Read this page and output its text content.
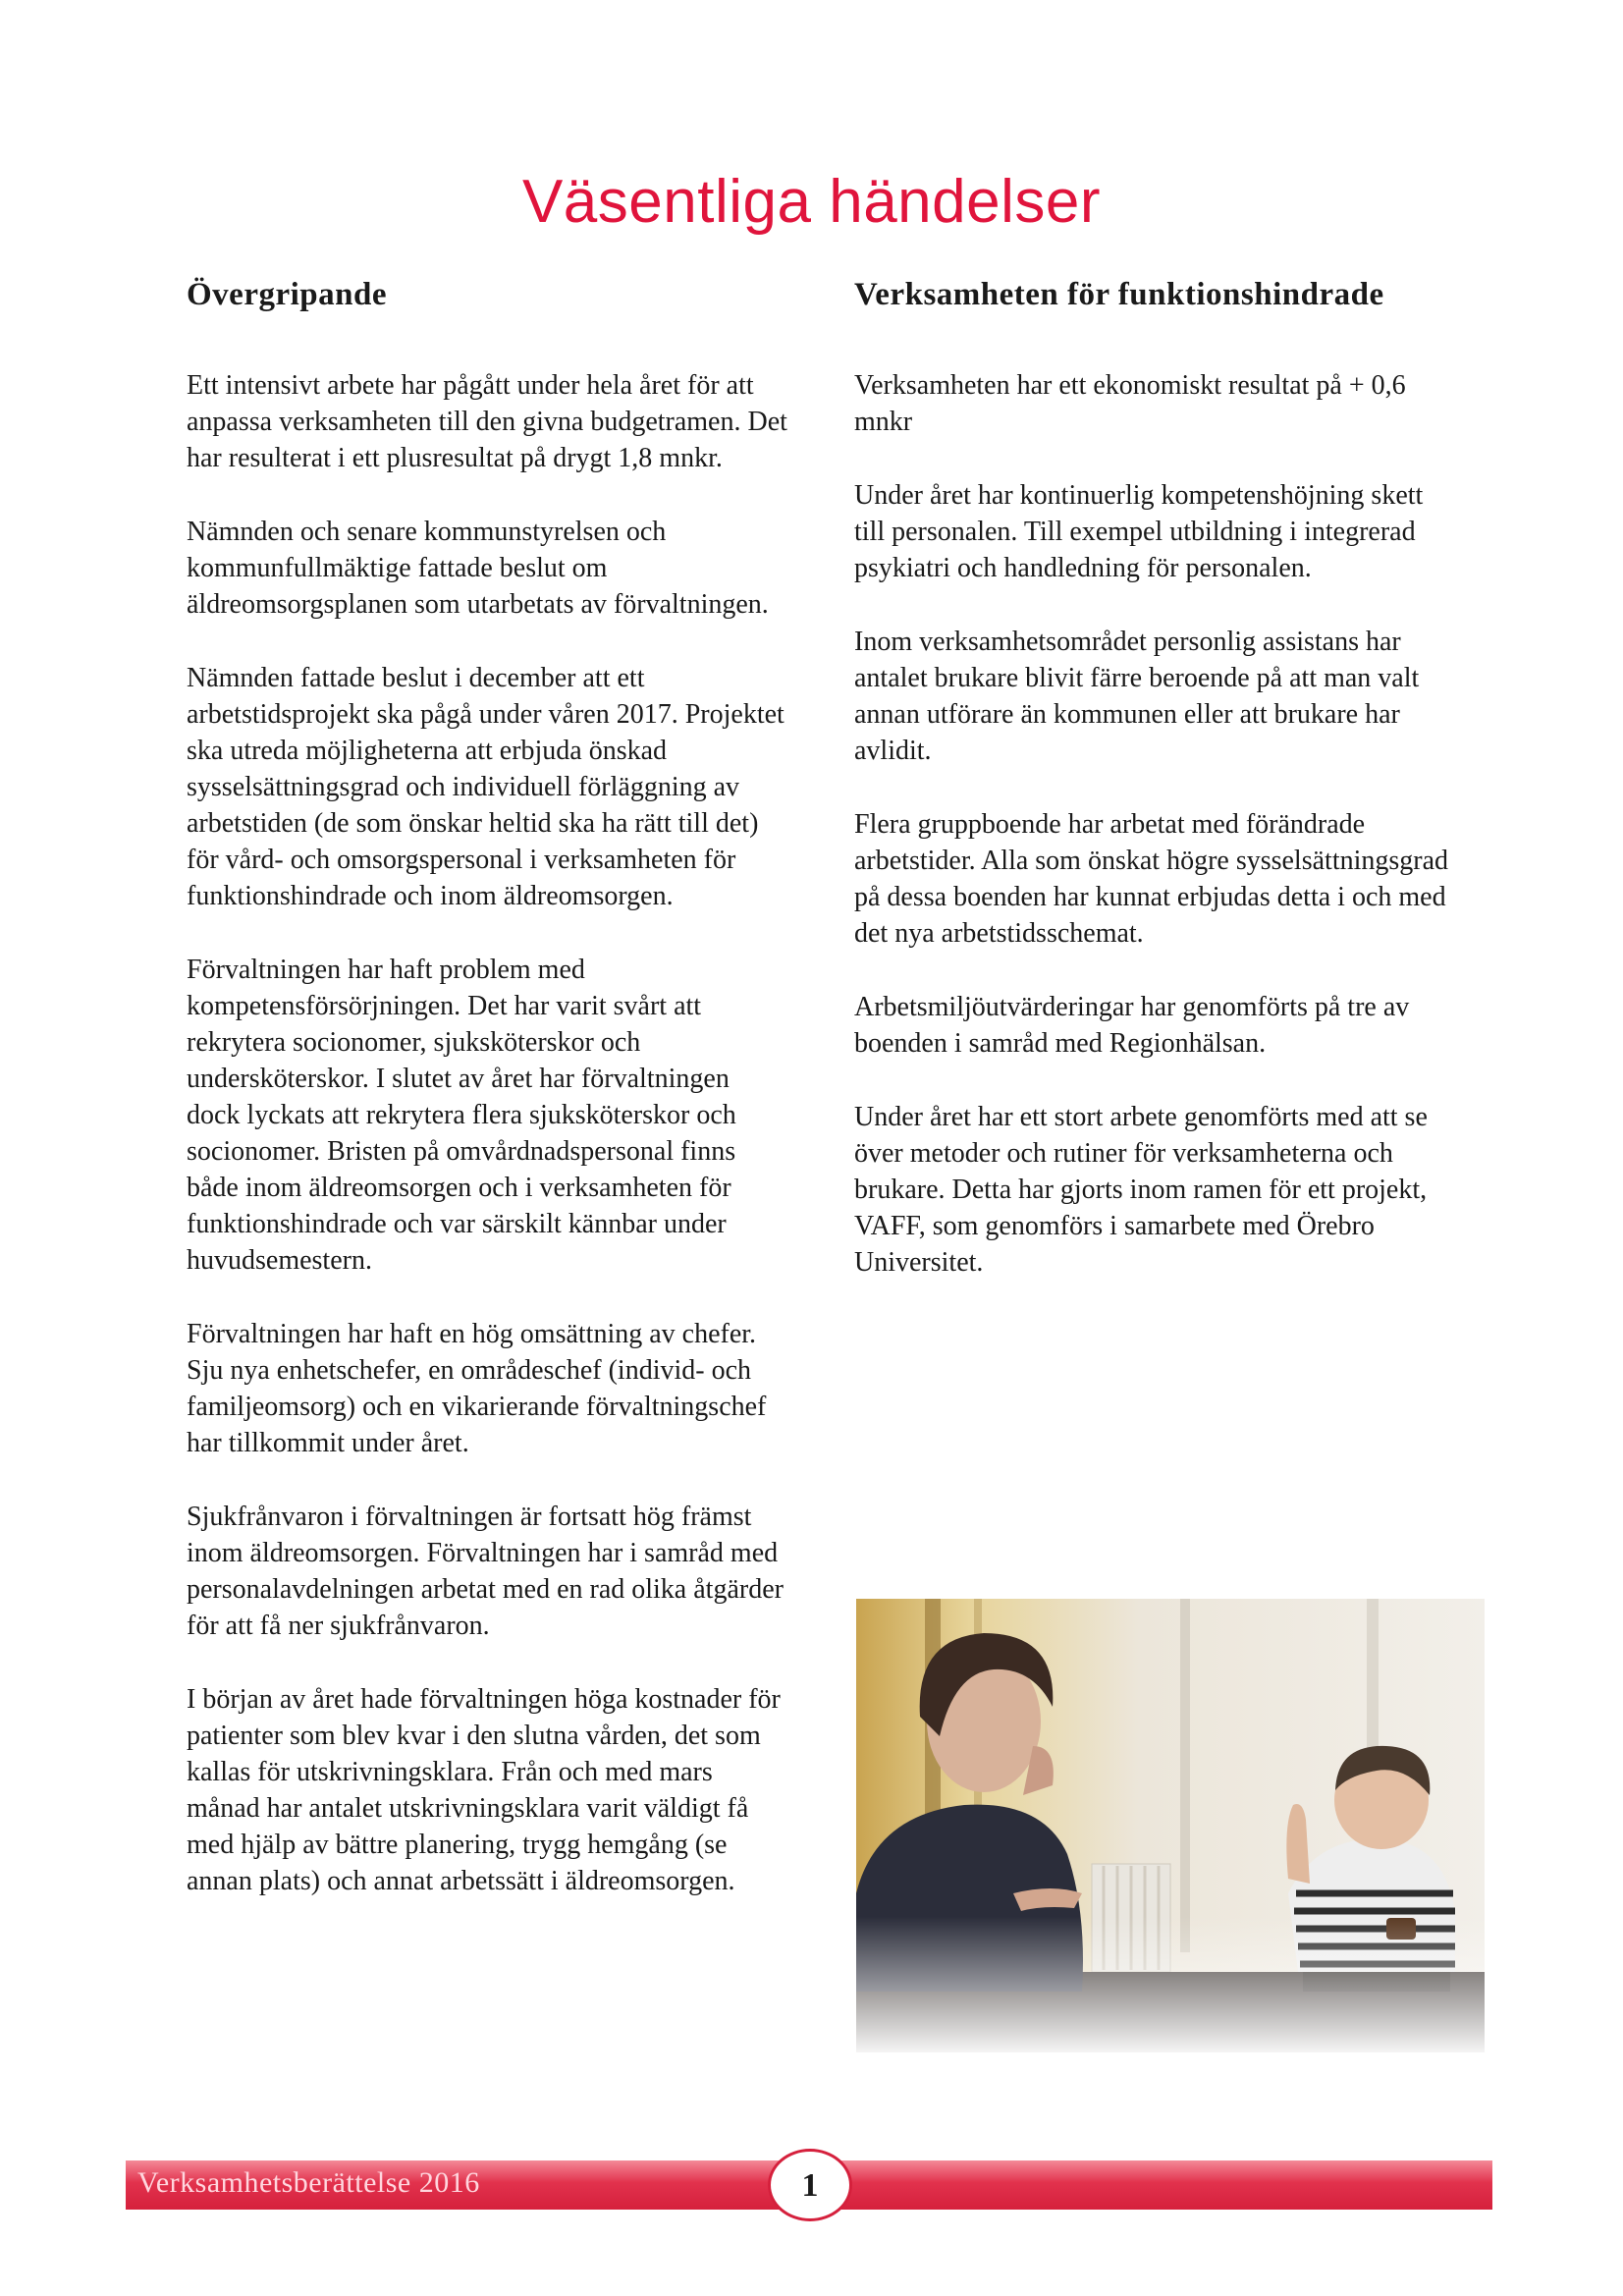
Väsentliga händelser
Övergripande

Ett intensivt arbete har pågått under hela året för att anpassa verksamheten till den givna budgetramen. Det har resulterat i ett plusresultat på drygt 1,8 mnkr.

Nämnden och senare kommunstyrelsen och kommunfullmäktige fattade beslut om äldreomsorgsplanen som utarbetats av förvaltningen.

Nämnden fattade beslut i december att ett arbetstidsprojekt ska pågå under våren 2017. Projektet ska utreda möjligheterna att erbjuda önskad sysselsättningsgrad och individuell förläggning av arbetstiden (de som önskar heltid ska ha rätt till det) för vård- och omsorgspersonal i verksamheten för funktionshindrade och inom äldreomsorgen.

Förvaltningen har haft problem med kompetensförsörjningen. Det har varit svårt att rekrytera socionomer, sjuksköterskor och undersköterskor. I slutet av året har förvaltningen dock lyckats att rekrytera flera sjuksköterskor och socionomer. Bristen på omvårdnadspersonal finns både inom äldreomsorgen och i verksamheten för funktionshindrade och var särskilt kännbar under huvudsemestern.

Förvaltningen har haft en hög omsättning av chefer. Sju nya enhetschefer, en områdeschef (individ- och familjeomsorg) och en vikarierande förvaltningschef har tillkommit under året.

Sjukfrånvaron i förvaltningen är fortsatt hög främst inom äldreomsorgen. Förvaltningen har i samråd med personalavdelningen arbetat med en rad olika åtgärder för att få ner sjukfrånvaron.

I början av året hade förvaltningen höga kostnader för patienter som blev kvar i den slutna vården, det som kallas för utskrivningsklara. Från och med mars månad har antalet utskrivningsklara varit väldigt få med hjälp av bättre planering, trygg hemgång (se annan plats) och annat arbetssätt i äldreomsorgen.

Verksamheten för funktionshindrade

Verksamheten har ett ekonomiskt resultat på + 0,6 mnkr

Under året har kontinuerlig kompetenshöjning skett till personalen. Till exempel utbildning i integrerad psykiatri och handledning för personalen.

Inom verksamhetsområdet personlig assistans har antalet brukare blivit färre beroende på att man valt annan utförare än kommunen eller att brukare har avlidit.

Flera gruppboende har arbetat med förändrade arbetstider. Alla som önskat högre sysselsättningsgrad på dessa boenden har kunnat erbjudas detta i och med det nya arbetstidsschemat.

Arbetsmiljöutvärderingar har genomförts på tre av boenden i samråd med Regionhälsan.

Under året har ett stort arbete genomförts med att se över metoder och rutiner för verksamheterna och brukare. Detta har gjorts inom ramen för ett projekt, VAFF, som genomförs i samarbete med Örebro Universitet.

Verksamhetsberättelse 2016	1
